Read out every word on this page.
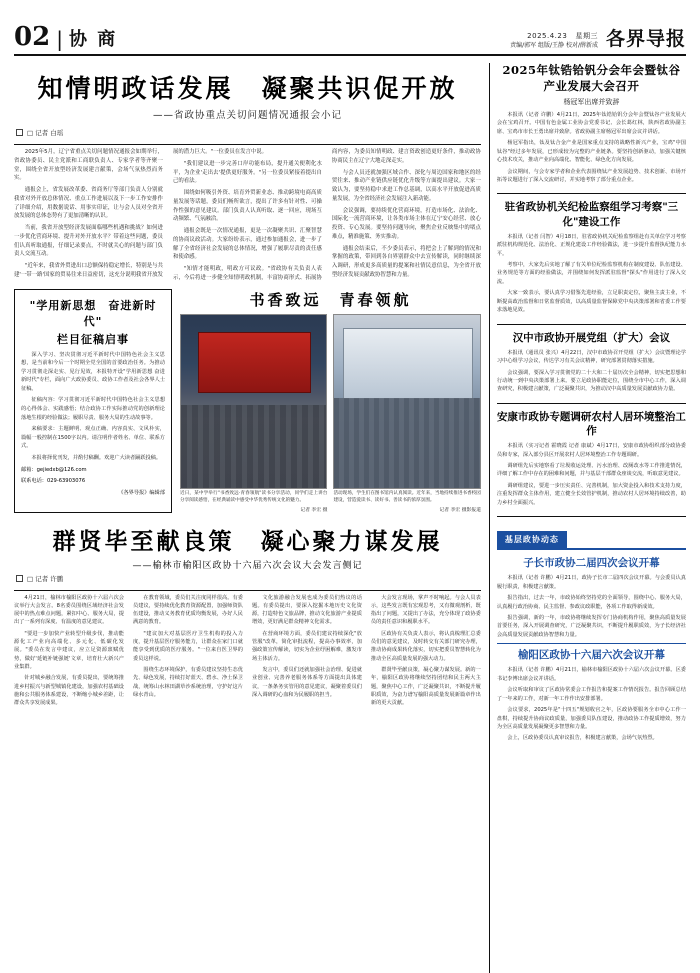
02 | 协 商	2025.4.23 星期三
责编∕郭军 组版∕王静 校对∕薛新成 各界导报
知情明政话发展　凝聚共识促开放
——省政协重点关切问题情况通报会小记
□ 记者 白瑶

2025年5月，辽宁省重点关切问题情况通报会如期举行，省政协委员、民主党派和工商联负责人、专家学者等齐聚一堂，围绕全省开放型经济发展建言献策，会场气氛热烈而务实。

通报会上，省发展改革委、省商务厅等部门负责人分别就我省对外开放总体情况、重点工作进展以及下一步工作安排作了详细介绍，用数据说话、用事实印证，让与会人员对全省开放发展的总体态势有了更加清晰的认识。

当前，我省开放型经济发展面临哪些机遇和挑战？如何进一步优化营商环境、提升对外开放水平？带着这些问题，委员们认真听取通报，仔细记录要点，不时就关心的问题与部门负责人交流互动。

"近年来，我省外贸进出口总额保持稳定增长，特别是与共建'一带一路'国家的贸易往来日益密切，这充分说明我省开放发展的潜力巨大。"一位委员在发言中说。

"我们建议进一步完善口岸功能布局，提升通关便利化水平，为企业'走出去'提供更好服务。"另一位委员紧接着提出自己的看法。

围绕如何吸引外资、培育外贸新业态、推动跨境电商高质量发展等话题，委员们畅所欲言，提出了许多有针对性、可操作性强的意见建议。部门负责人认真听取、逐一回应，现场互动频繁、气氛融洽。

通报会既是一次情况通报，更是一次凝聚共识、汇聚智慧的协商议政活动。大家纷纷表示，通过参加通报会，进一步了解了全省经济社会发展的总体情况，增强了履职尽责的责任感和使命感。

"知情才能明政，明政方可议政。"省政协有关负责人表示，今后将进一步健全知情明政机制，丰富协商形式、拓展协商内容，为委员知情明政、建言资政创造更好条件，推动政协协商民主在辽宁大地走深走实。

与会人员还就加强区域合作、深化与周边国家和地区的经贸往来、推动产业链供应链优化升级等方面提出建议。大家一致认为，要坚持稳中求进工作总基调，以高水平开放促进高质量发展，为全省经济社会发展注入新动能。

会议强调，要持续优化营商环境，打造市场化、法治化、国际化一流营商环境，让各类市场主体在辽宁安心经营、放心投资、专心发展。要坚持问题导向，聚焦企业反映集中的堵点难点，精准施策、务实推动。

通报会结束后，不少委员表示，将把会上了解到的情况和掌握的政策，带回到各自界别群众中去宣传解读，同时继续深入调研，形成更多高质量的提案和社情民意信息，为全省开放型经济发展贡献政协智慧和力量。

"学用新思想　奋进新时代"
栏目征稿启事

深入学习、坚决贯彻习近平新时代中国特色社会主义思想，是当前和今后一个时期全党全国的首要政治任务。为推动学习贯彻走深走实、见行见效，本报特开设"学用新思想 奋进新时代"专栏，面向广大政协委员、政协工作者及社会各界人士征稿。

征稿内容：学习贯彻习近平新时代中国特色社会主义思想的心得体会、实践感悟；结合政协工作实际推动党的创新理论落地生根的经验做法；履职尽责、服务大局的生动故事等。

来稿要求：主题鲜明、观点正确、内容真实、文风朴实，篇幅一般控制在1500字以内。请注明作者姓名、单位、联系方式。

本报将择优刊发，并酌付稿酬。欢迎广大读者踊跃投稿。

邮箱：gejiedxb@126.com
联系电话：029-63903076
《各界导报》编辑部
书香致远　青春领航
近日，某中学举行"书香致远·青春领航"读书分享活动，同学们走上讲台分享阅读感悟，在经典诵读中感受中华优秀传统文化的魅力。
记者 李宏 摄
活动现场，学生们在图书馆内认真阅读。近年来，当地持续推进书香校园建设，营造爱读书、读好书、善读书的浓厚氛围。
记者 李宏 摄影报道
群贤毕至献良策　凝心聚力谋发展
——榆林市榆阳区政协十六届六次会议大会发言侧记
□ 记者 许鹏

4月21日，榆林市榆阳区政协十六届六次会议举行大会发言。8名委员围绕区域经济社会发展中的热点难点问题，紧扣中心、服务大局，提出了一系列有深度、有温度的意见建议。

"要进一步加快产业转型升级步伐，推动能源化工产业向高端化、多元化、低碳化发展。"委员在发言中建议，应立足资源禀赋优势，做好'延链补链强链'文章，培育壮大新兴产业集群。

针对城乡融合发展，有委员提出，要统筹推进乡村振兴与新型城镇化建设，加强农村基础设施和公共服务体系建设，不断缩小城乡差距，让群众共享发展成果。

在教育领域，委员们关注度同样很高。有委员建议，要持续优化教育资源配置，加强师资队伍建设，推动义务教育优质均衡发展，办好人民满意的教育。

"建议加大对基层医疗卫生机构的投入力度，提升基层医疗服务能力，让群众在家门口就能享受到优质的医疗服务。"一位来自医卫界的委员这样说。

围绕生态环境保护，有委员建议坚持生态优先、绿色发展，持续打好蓝天、碧水、净土保卫战，统筹山水林田湖草沙系统治理，守护好这片绿水青山。

文化旅游融合发展也成为委员们热议的话题。有委员提出，要深入挖掘本地历史文化资源，打造特色文旅品牌，推动文化旅游产业提质增效，更好满足群众精神文化需求。

在营商环境方面，委员们建议持续深化"放管服"改革，简化审批流程，提高办事效率，加强政策宣传解读，切实为企业纾困解难，激发市场主体活力。

发言中，委员们还就加强社会治理、促进就业创业、完善养老服务体系等方面提出具体建议，一条条务实管用的意见建议，凝聚着委员们深入调研的心血和为民履职的担当。

大会发言现场，掌声不时响起。与会人员表示，这些发言既有宏观思考，又有微观剖析，既指出了问题，又提出了办法，充分体现了政协委员的责任意识和履职水平。

区政协有关负责人表示，将认真梳理汇总委员们的意见建议，及时转交有关部门研究办理，推动协商成果转化落实，切实把委员智慧转化为推动全区高质量发展的强大动力。

群贤毕至献良策，凝心聚力谋发展。新的一年，榆阳区政协将继续坚持团结和民主两大主题，聚焦中心工作，广泛凝聚共识，不断提升履职质效，为奋力谱写榆阳高质量发展新篇章作出新的更大贡献。

2025年钛锆铪钒分会年会暨钛谷产业发展大会召开
杨冠军出席并致辞

本报讯（记者 许鹏）4月21日，2025年钛锆铪钒分会年会暨钛谷产业发展大会在宝鸡召开。中国有色金属工业协会党委书记、会长葛红林，陕西省政协副主席、宝鸡市市长王勇出席并致辞。省政协副主席杨冠军出席会议并讲话。

杨冠军指出，钛及钛合金产业是国家重点支持的战略性新兴产业，宝鸡"中国钛谷"经过多年发展，已形成较为完整的产业链条。要坚持创新驱动，加强关键核心技术攻关，推动产业向高端化、智能化、绿色化方向发展。

会议期间，与会专家学者和企业代表围绕钛产业发展趋势、技术创新、市场开拓等议题进行了深入交流研讨，并实地考察了部分重点企业。

驻省政协机关纪检监察组学习考察"三化"建设工作

本报讯（记者 闫智）4月18日，驻省政协机关纪检监察组赴有关单位学习考察派驻机构规范化、法治化、正规化建设工作经验做法，进一步提升监督执纪能力水平。

考察中，大家先后实地了解了有关单位纪检监察机构在制度建设、队伍建设、业务规范等方面的经验做法，并围绕如何发挥派驻监督"探头"作用进行了深入交流。

大家一致表示，要认真学习借鉴先进经验，立足职责定位，聚焦主责主业，不断提高政治监督和日常监督质效，以高质量监督保障党中央决策部署和省委工作要求落地见效。

汉中市政协开展党组（扩大）会议

本报讯（通讯员 张兴）4月22日，汉中市政协召开党组（扩大）会议暨理论学习中心组学习会议，传达学习有关会议精神，研究部署贯彻落实措施。

会议强调，要深入学习贯彻党的二十大和二十届历次全会精神，切实把思想和行动统一到中央决策部署上来。要立足政协职能定位，围绕全市中心工作，深入调查研究，积极建言献策，广泛凝聚共识，为推动汉中高质量发展贡献政协力量。

安康市政协专题调研农村人居环境整治工作

本报讯（实习记者 霍晓霞 记者 康斌）4月17日，安康市政协组织部分政协委员和专家，深入部分县区开展农村人居环境整治工作专题调研。

调研组先后实地察看了垃圾收运处理、污水治理、改厕改水等工作推进情况，详细了解工作中存在的困难和问题，并与基层干部群众座谈交流，听取意见建议。

调研组建议，要进一步压实责任、完善机制，加大资金投入和技术支持力度，注重发挥群众主体作用，建立健全长效管护机制，推动农村人居环境持续改善，助力乡村全面振兴。

基层政协动态
子长市政协二届四次会议开幕

本报讯（记者 许鹏）4月21日，政协子长市二届四次会议开幕。与会委员认真履行职责，积极建言献策。

报告指出，过去一年，市政协始终坚持党的全面领导，围绕中心、服务大局，认真履行政治协商、民主监督、参政议政职能，各项工作取得新成效。

报告强调，新的一年，市政协将继续发挥专门协商机构作用，聚焦高质量发展首要任务，深入开展调查研究，广泛凝聚共识，不断提升履职质效，为子长经济社会高质量发展贡献政协智慧和力量。

榆阳区政协十六届六次会议开幕

本报讯（记者 许鹏）4月21日，榆林市榆阳区政协十六届六次会议开幕。区委书记李博出席会议并讲话。

会议听取和审议了区政协常委会工作报告和提案工作情况报告。报告回顾总结了一年来的工作，对新一年工作作出安排部署。

会议要求，2025年是"十四五"规划收官之年，区政协要服务全市中心工作一盘棋，持续提升协商议政质量，加强委员队伍建设，推动政协工作提质增效，努力为全区高质量发展凝聚更多智慧和力量。

会上，区政协委员认真审议报告，积极建言献策，会场气氛热烈。
